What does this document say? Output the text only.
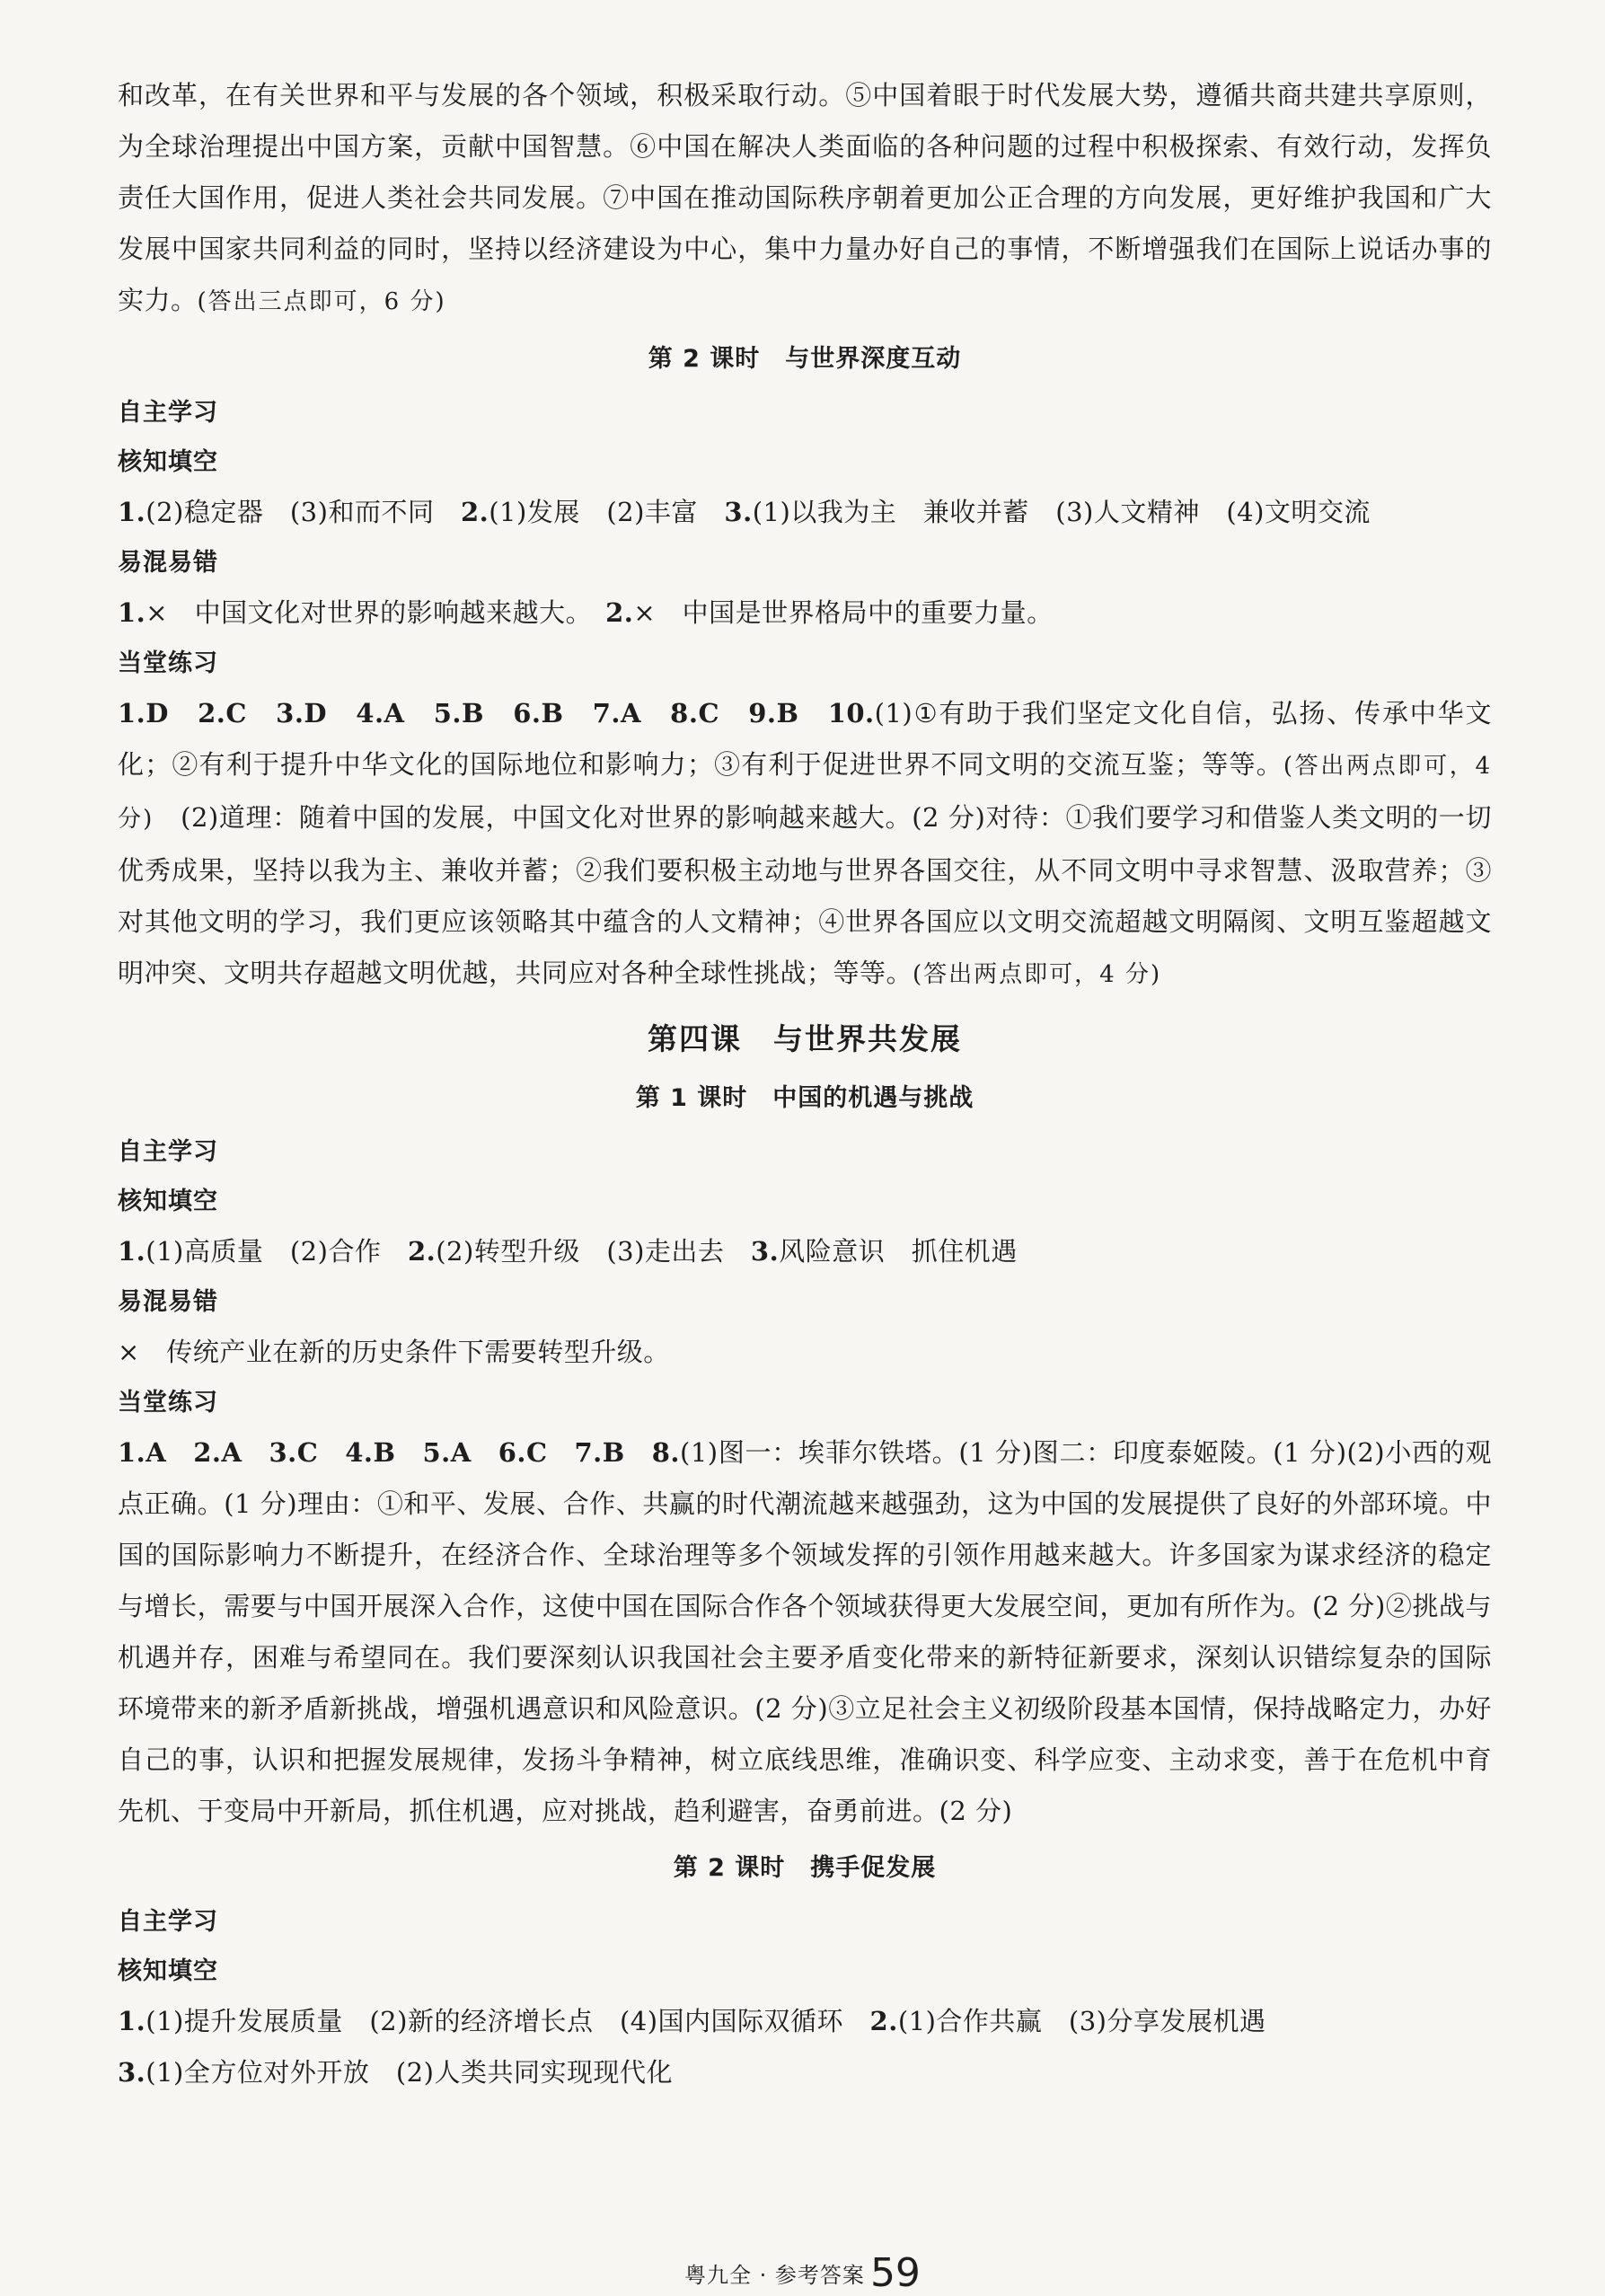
和改革，在有关世界和平与发展的各个领域，积极采取行动。⑤中国着眼于时代发展大势，遵循共商共建共享原则，为全球治理提出中国方案，贡献中国智慧。⑥中国在解决人类面临的各种问题的过程中积极探索、有效行动，发挥负责任大国作用，促进人类社会共同发展。⑦中国在推动国际秩序朝着更加公正合理的方向发展，更好维护我国和广大发展中国家共同利益的同时，坚持以经济建设为中心，集中力量办好自己的事情，不断增强我们在国际上说话办事的实力。(答出三点即可，6 分)

第 2 课时　与世界深度互动
自主学习
核知填空

1.(2)稳定器　(3)和而不同　2.(1)发展　(2)丰富　3.(1)以我为主　兼收并蓄　(3)人文精神　(4)文明交流

易混易错

1.×　中国文化对世界的影响越来越大。　2.×　中国是世界格局中的重要力量。

当堂练习

1.D　2.C　3.D　4.A　5.B　6.B　7.A　8.C　9.B　10.(1)①有助于我们坚定文化自信，弘扬、传承中华文化；②有利于提升中华文化的国际地位和影响力；③有利于促进世界不同文明的交流互鉴；等等。(答出两点即可，4 分)　(2)道理：随着中国的发展，中国文化对世界的影响越来越大。(2 分)对待：①我们要学习和借鉴人类文明的一切优秀成果，坚持以我为主、兼收并蓄；②我们要积极主动地与世界各国交往，从不同文明中寻求智慧、汲取营养；③对其他文明的学习，我们更应该领略其中蕴含的人文精神；④世界各国应以文明交流超越文明隔阂、文明互鉴超越文明冲突、文明共存超越文明优越，共同应对各种全球性挑战；等等。(答出两点即可，4 分)

第四课　与世界共发展
第 1 课时　中国的机遇与挑战
自主学习
核知填空

1.(1)高质量　(2)合作　2.(2)转型升级　(3)走出去　3.风险意识　抓住机遇

易混易错

×　传统产业在新的历史条件下需要转型升级。

当堂练习

1.A　2.A　3.C　4.B　5.A　6.C　7.B　8.(1)图一：埃菲尔铁塔。(1 分)图二：印度泰姬陵。(1 分)(2)小西的观点正确。(1 分)理由：①和平、发展、合作、共赢的时代潮流越来越强劲，这为中国的发展提供了良好的外部环境。中国的国际影响力不断提升，在经济合作、全球治理等多个领域发挥的引领作用越来越大。许多国家为谋求经济的稳定与增长，需要与中国开展深入合作，这使中国在国际合作各个领域获得更大发展空间，更加有所作为。(2 分)②挑战与机遇并存，困难与希望同在。我们要深刻认识我国社会主要矛盾变化带来的新特征新要求，深刻认识错综复杂的国际环境带来的新矛盾新挑战，增强机遇意识和风险意识。(2 分)③立足社会主义初级阶段基本国情，保持战略定力，办好自己的事，认识和把握发展规律，发扬斗争精神，树立底线思维，准确识变、科学应变、主动求变，善于在危机中育先机、于变局中开新局，抓住机遇，应对挑战，趋利避害，奋勇前进。(2 分)

第 2 课时　携手促发展
自主学习
核知填空

1.(1)提升发展质量　(2)新的经济增长点　(4)国内国际双循环　2.(1)合作共赢　(3)分享发展机遇

3.(1)全方位对外开放　(2)人类共同实现现代化

粤九全 · 参考答案 59
